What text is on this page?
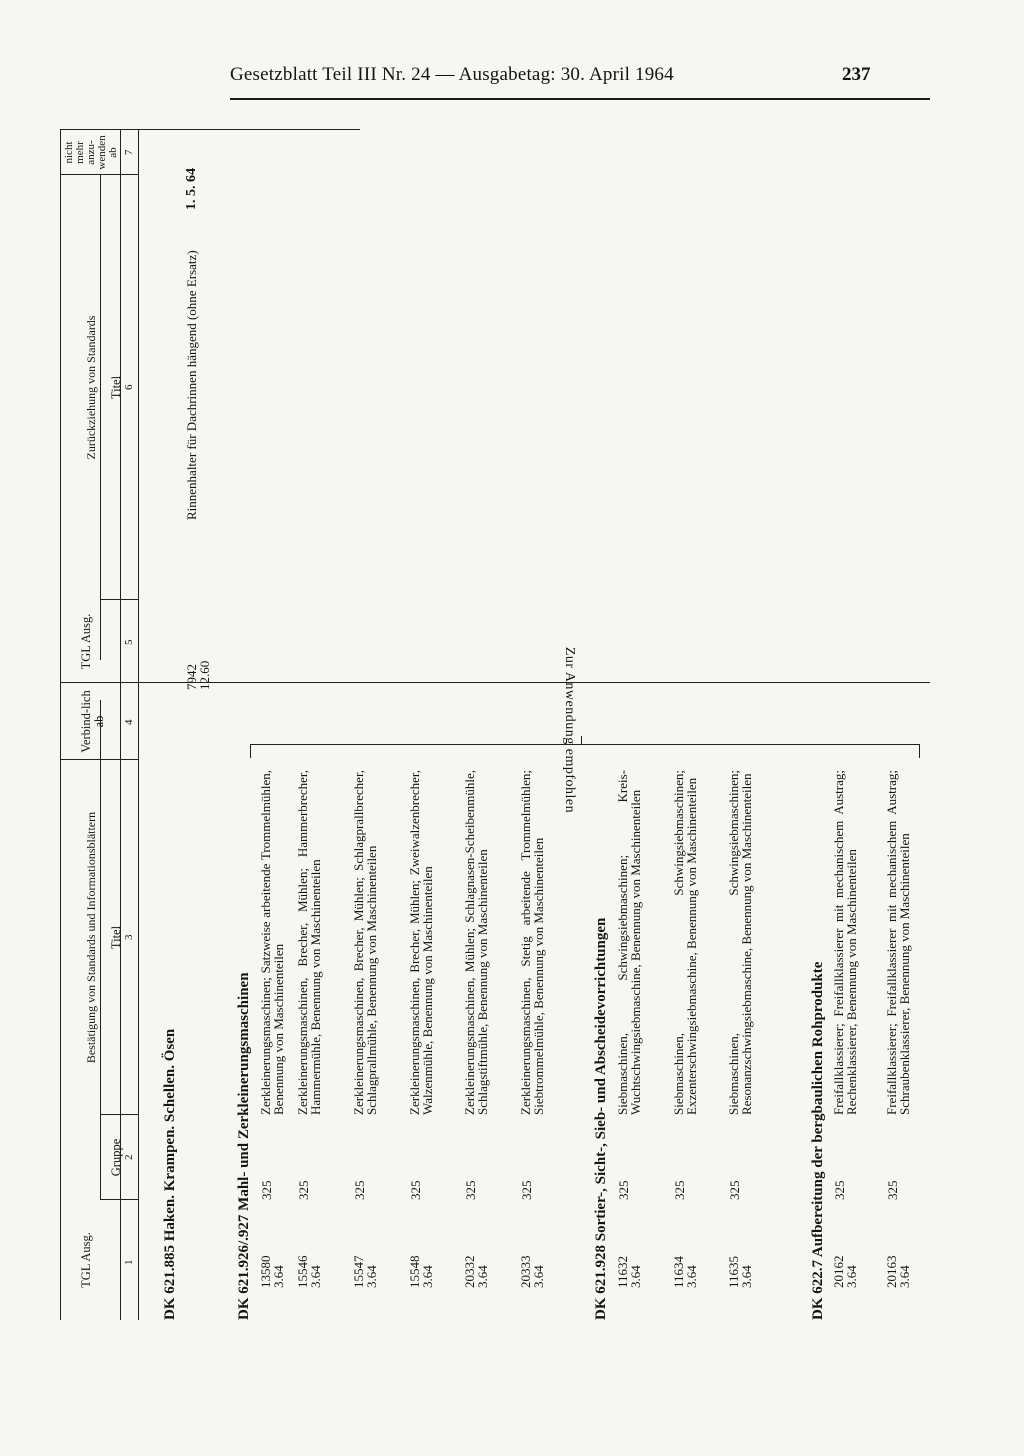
Gesetzblatt Teil III Nr. 24 — Ausgabetag: 30. April 1964	237
TGL Ausg.
Gruppe
Titel
Verbind-lich ab
TGL Ausg.
Titel
nicht mehr anzu-wenden ab
Bestätigung von Standards und Informationsblättern
Zurückziehung von Standards
1
2
3
4
5
6
7
DK 621.885 Haken. Krampen. Schellen. Ösen
7942
12.60
Rinnenhalter für Dachrinnen hängend (ohne Ersatz)
1. 5. 64
DK 621.926/.927 Mahl- und Zerkleinerungsmaschinen 13580
3.64
325
Zerkleinerungsmaschinen; Satzweise arbeitende Trommelmühlen, Benennung von Maschinenteilen
15546
3.64
325
Zerkleinerungsmaschinen, Brecher, Mühlen; Hammerbrecher, Hammermühle, Benennung von Maschinenteilen
15547
3.64
325
Zerkleinerungsmaschinen, Brecher, Mühlen; Schlagprallbrecher, Schlagprallmühle, Benennung von Maschinenteilen
15548
3.64
325
Zerkleinerungsmaschinen, Brecher, Mühlen; Zweiwalzenbrecher, Walzenmühle, Benennung von Maschinenteilen
20332
3.64
325
Zerkleinerungsmaschinen, Mühlen; Schlagnasen-Scheibenmühle, Schlagstiftmühle, Benennung von Maschinenteilen
20333
3.64
325
Zerkleinerungsmaschinen, Stetig arbeitende Trommelmühlen; Siebtrommelmühle, Benennung von Maschinenteilen	DK 621.928 Sortier-, Sicht-, Sieb- und Abscheidevorrichtungen 11632
3.64
325
Siebmaschinen, Schwingsiebmaschinen; Kreis-Wuchtschwingsiebmaschine, Benennung von Maschinenteilen
11634
3.64
325
Siebmaschinen, Schwingsiebmaschinen; Exzenterschwingsiebmaschine, Benennung von Maschinenteilen
11635
3.64
325
Siebmaschinen, Schwingsiebmaschinen; Resonanzschwingsiebmaschine, Benennung von Maschinenteilen
DK 622.7 Aufbereitung der bergbaulichen Rohprodukte 20162
3.64
325
Freifallklassierer; Freifallklassierer mit mechanischem Austrag; Rechenklassierer, Benennung von Maschinenteilen
20163
3.64
325
Freifallklassierer; Freifallklassierer mit mechanischem Austrag; Schraubenklassierer, Benennung von Maschinenteilen
Zur Anwendung empfohlen
